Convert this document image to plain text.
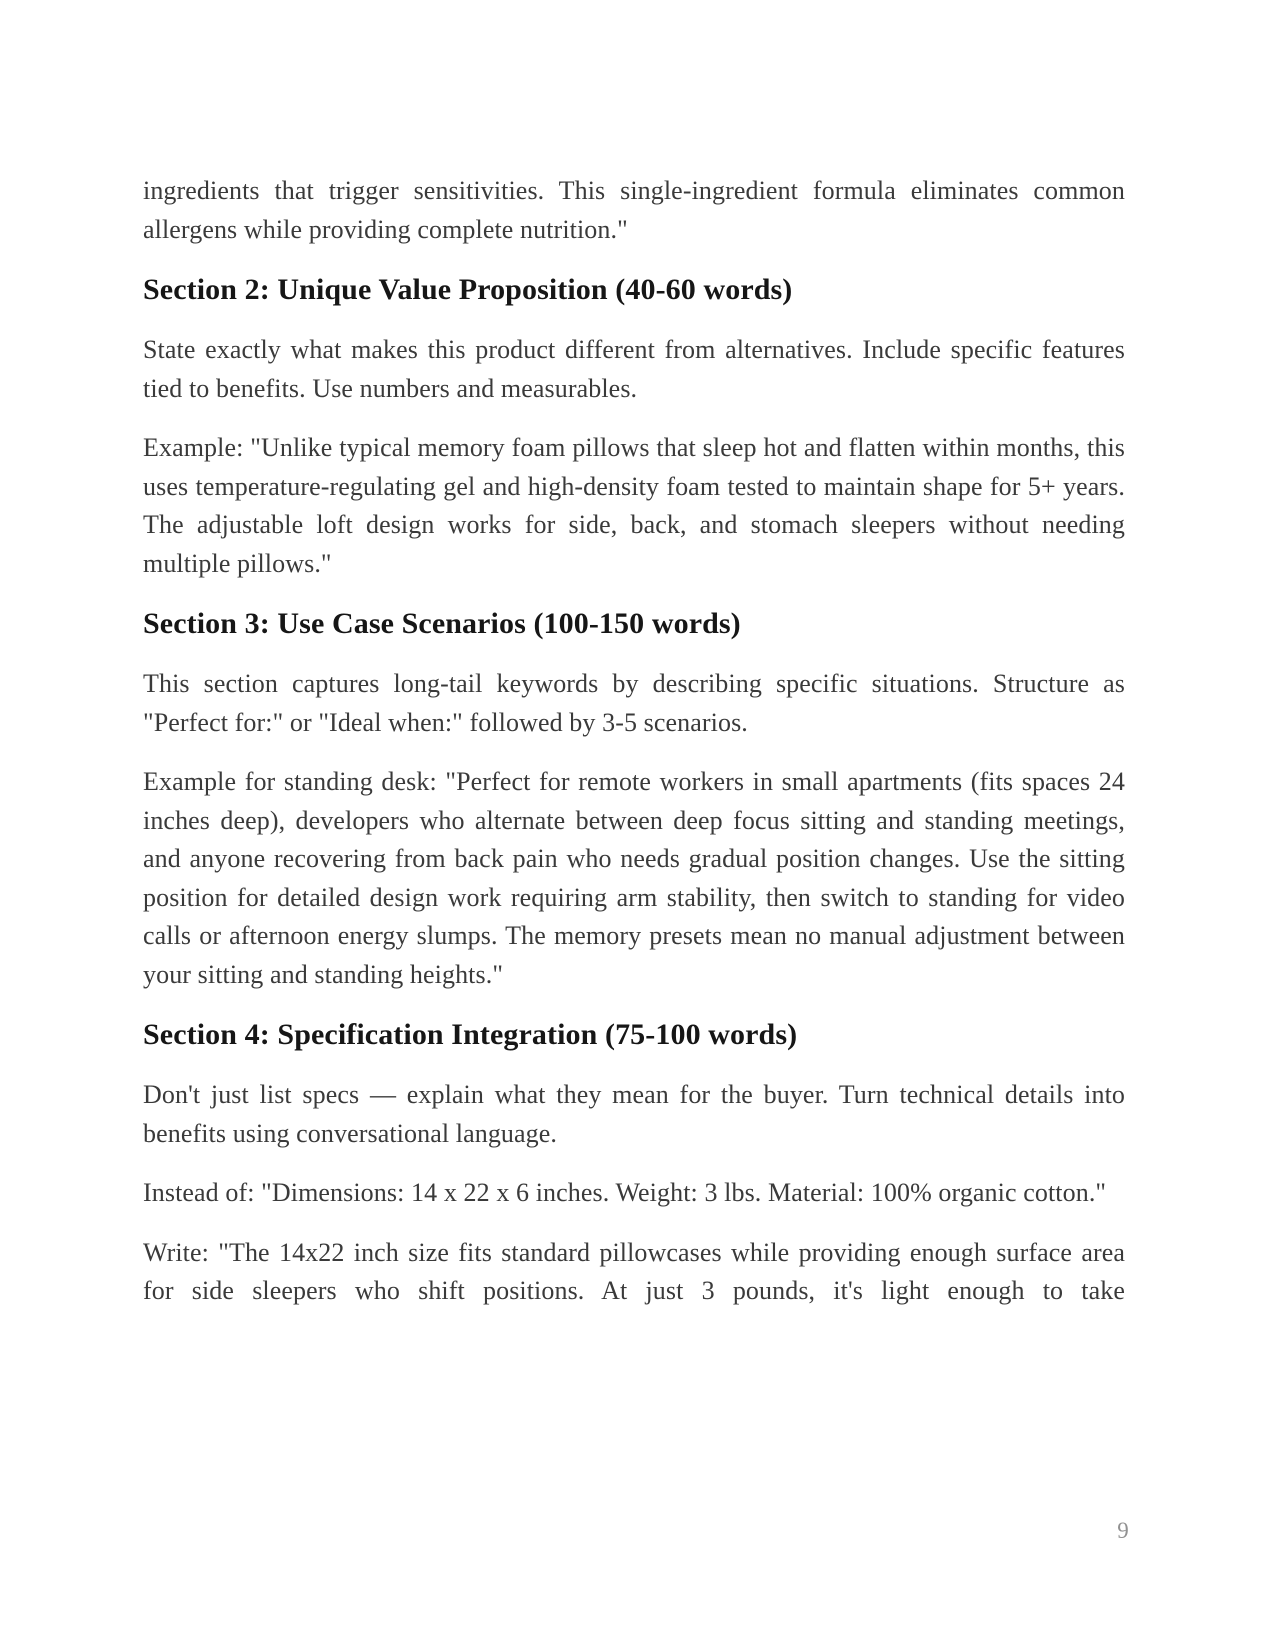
ingredients that trigger sensitivities. This single-ingredient formula eliminates common allergens while providing complete nutrition."

Section 2: Unique Value Proposition (40-60 words)

State exactly what makes this product different from alternatives. Include specific features tied to benefits. Use numbers and measurables.

Example: "Unlike typical memory foam pillows that sleep hot and flatten within months, this uses temperature-regulating gel and high-density foam tested to maintain shape for 5+ years. The adjustable loft design works for side, back, and stomach sleepers without needing multiple pillows."

Section 3: Use Case Scenarios (100-150 words)

This section captures long-tail keywords by describing specific situations. Structure as "Perfect for:" or "Ideal when:" followed by 3-5 scenarios.

Example for standing desk: "Perfect for remote workers in small apartments (fits spaces 24 inches deep), developers who alternate between deep focus sitting and standing meetings, and anyone recovering from back pain who needs gradual position changes. Use the sitting position for detailed design work requiring arm stability, then switch to standing for video calls or afternoon energy slumps. The memory presets mean no manual adjustment between your sitting and standing heights."

Section 4: Specification Integration (75-100 words)

Don't just list specs — explain what they mean for the buyer. Turn technical details into benefits using conversational language.

Instead of: "Dimensions: 14 x 22 x 6 inches. Weight: 3 lbs. Material: 100% organic cotton."

Write: "The 14x22 inch size fits standard pillowcases while providing enough surface area for side sleepers who shift positions. At just 3 pounds, it's light enough to take

9
